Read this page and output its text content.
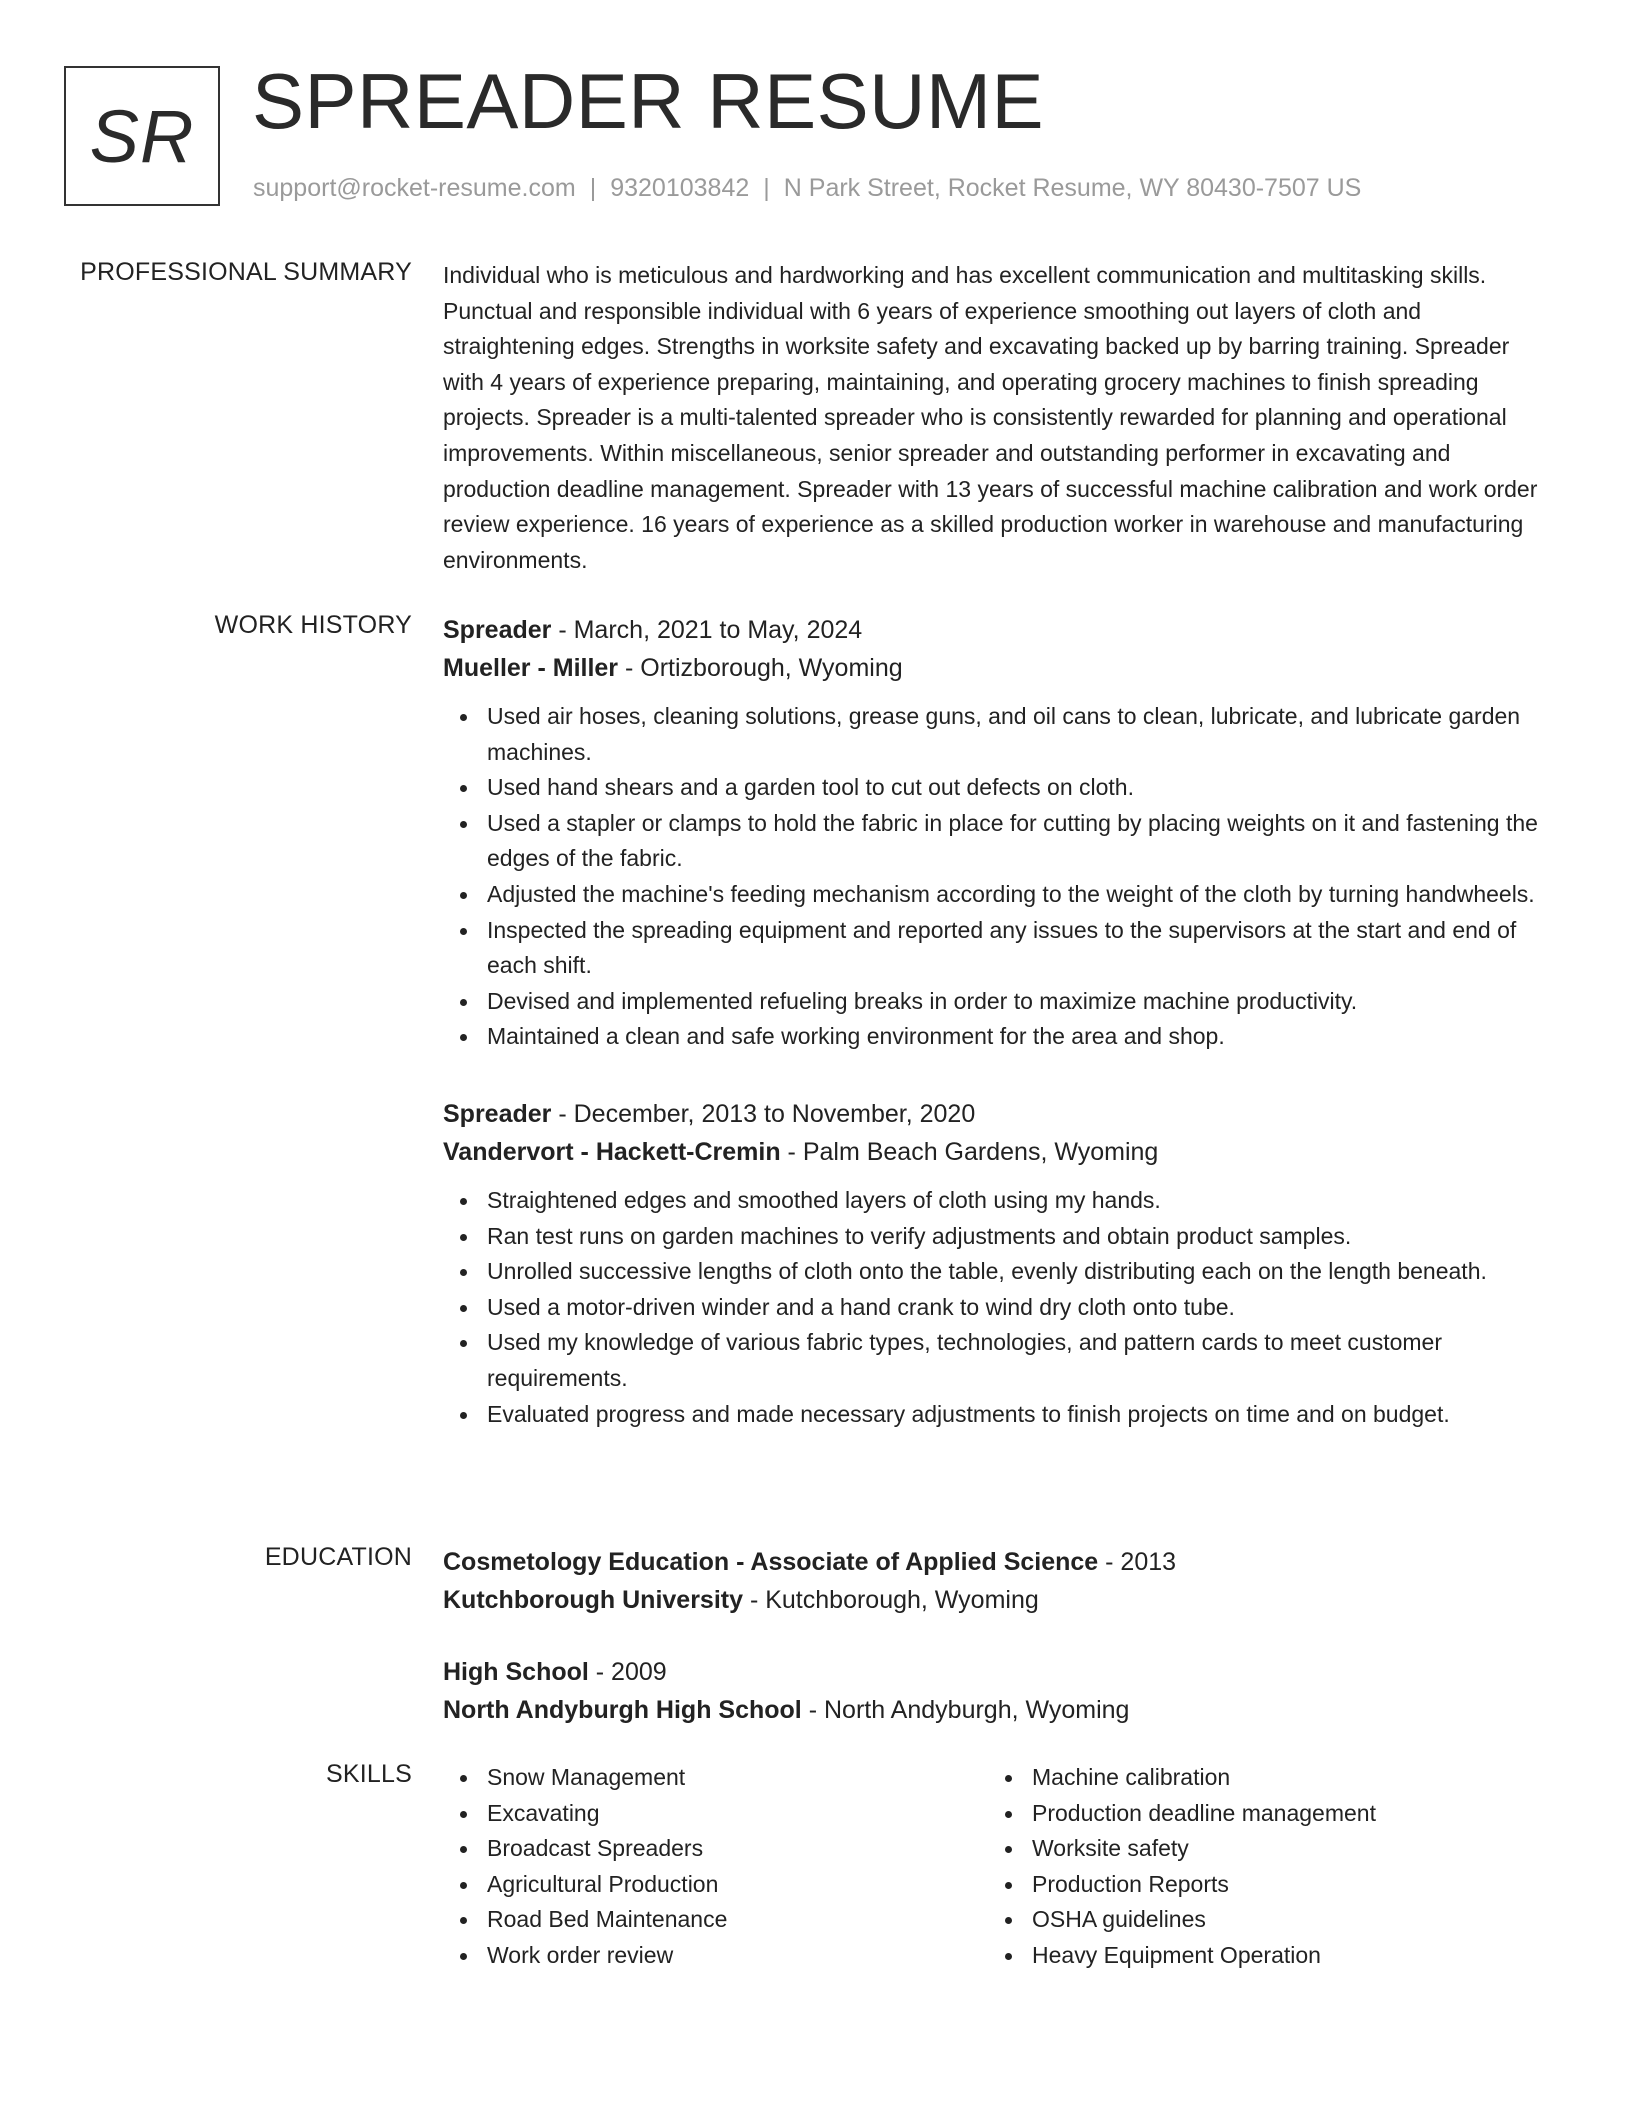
SR SPREADER RESUME
support@rocket-resume.com | 9320103842 | N Park Street, Rocket Resume, WY 80430-7507 US
PROFESSIONAL SUMMARY Individual who is meticulous and hardworking and has excellent communication and multitasking skills. Punctual and responsible individual with 6 years of experience smoothing out layers of cloth and straightening edges. Strengths in worksite safety and excavating backed up by barring training. Spreader with 4 years of experience preparing, maintaining, and operating grocery machines to finish spreading projects. Spreader is a multi-talented spreader who is consistently rewarded for planning and operational improvements. Within miscellaneous, senior spreader and outstanding performer in excavating and production deadline management. Spreader with 13 years of successful machine calibration and work order review experience. 16 years of experience as a skilled production worker in warehouse and manufacturing environments.

WORK HISTORY Spreader - March, 2021 to May, 2024
Mueller - Miller - Ortizborough, Wyoming
Used air hoses, cleaning solutions, grease guns, and oil cans to clean, lubricate, and lubricate garden machines.
Used hand shears and a garden tool to cut out defects on cloth.
Used a stapler or clamps to hold the fabric in place for cutting by placing weights on it and fastening the edges of the fabric.
Adjusted the machine's feeding mechanism according to the weight of the cloth by turning handwheels.
Inspected the spreading equipment and reported any issues to the supervisors at the start and end of each shift.
Devised and implemented refueling breaks in order to maximize machine productivity.
Maintained a clean and safe working environment for the area and shop.
Spreader - December, 2013 to November, 2020
Vandervort - Hackett-Cremin - Palm Beach Gardens, Wyoming
Straightened edges and smoothed layers of cloth using my hands.
Ran test runs on garden machines to verify adjustments and obtain product samples.
Unrolled successive lengths of cloth onto the table, evenly distributing each on the length beneath.
Used a motor-driven winder and a hand crank to wind dry cloth onto tube.
Used my knowledge of various fabric types, technologies, and pattern cards to meet customer requirements.
Evaluated progress and made necessary adjustments to finish projects on time and on budget.
EDUCATION Cosmetology Education - Associate of Applied Science - 2013
Kutchborough University - Kutchborough, Wyoming
High School - 2009
North Andyburgh High School - North Andyburgh, Wyoming
SKILLS	Snow Management
Excavating
Broadcast Spreaders
Agricultural Production
Road Bed Maintenance
Work order review
Machine calibration
Production deadline management
Worksite safety
Production Reports
OSHA guidelines
Heavy Equipment Operation
